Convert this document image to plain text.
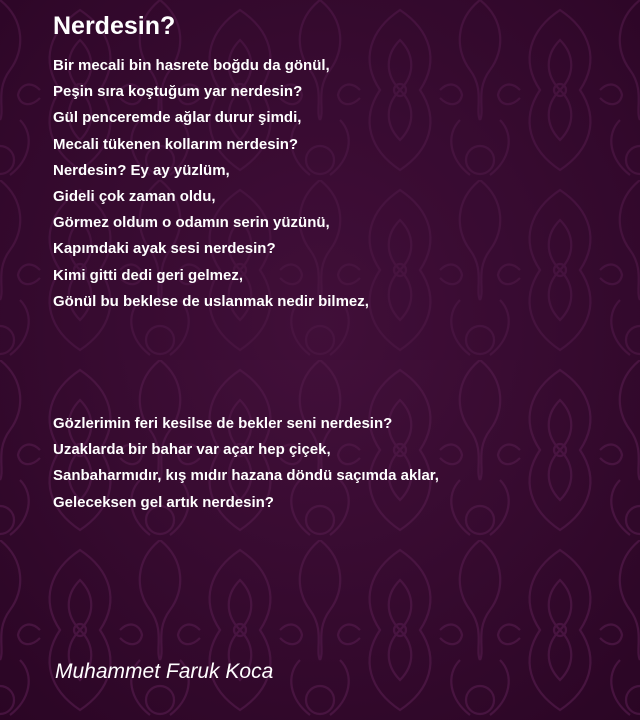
Nerdesin?
Bir mecali bin hasrete boğdu da gönül,
Peşin sıra koştuğum yar nerdesin?
Gül penceremde ağlar durur şimdi,
Mecali tükenen kollarım nerdesin?
Nerdesin? Ey ay yüzlüm,
Gideli çok zaman oldu,
Görmez oldum o odamın serin yüzünü,
Kapımdaki ayak sesi nerdesin?
Kimi gitti dedi geri gelmez,
Gönül bu beklese de uslanmak nedir bilmez,
Gözlerimin feri kesilse de bekler seni nerdesin?
Uzaklarda bir bahar var açar hep çiçek,
Sanbaharmıdır, kış mıdır hazana döndü saçımda aklar,
Geleceksen gel artık nerdesin?

Muhammet Faruk Koca
